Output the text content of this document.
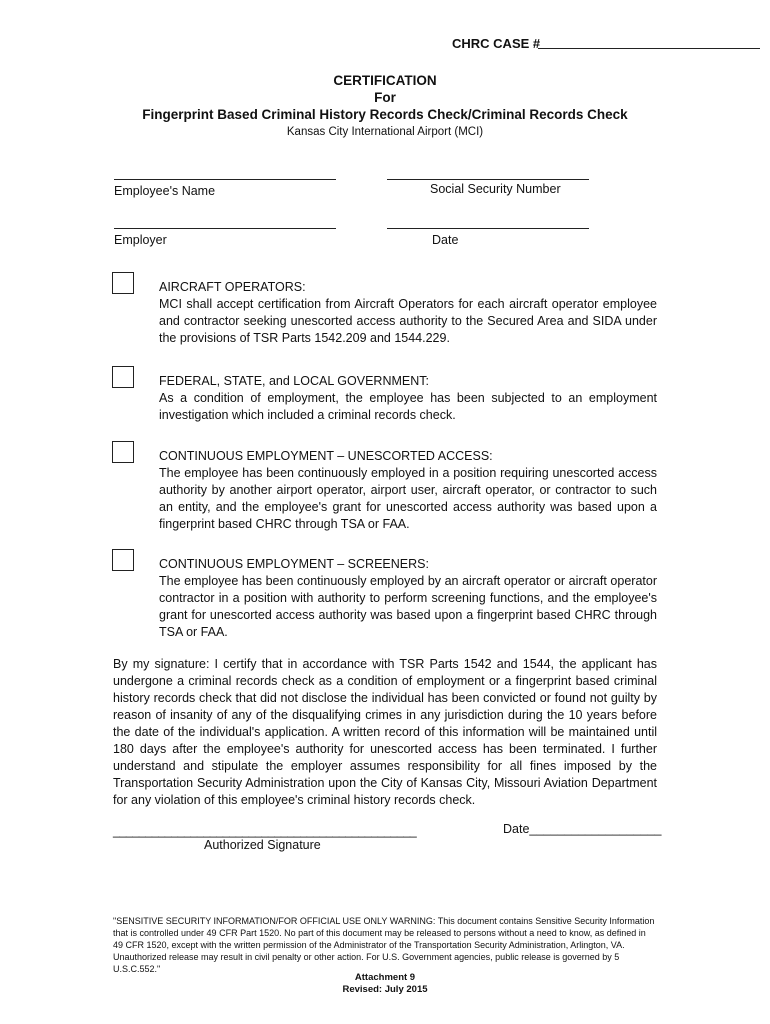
CHRC CASE #
CERTIFICATION
For
Fingerprint Based Criminal History Records Check/Criminal Records Check
Kansas City International Airport (MCI)
Employee's Name	Social Security Number
Employer	Date

AIRCRAFT OPERATORS:

MCI shall accept certification from Aircraft Operators for each aircraft operator employee and contractor seeking unescorted access authority to the Secured Area and SIDA under the provisions of TSR Parts 1542.209 and 1544.229.

FEDERAL, STATE, and LOCAL GOVERNMENT:

As a condition of employment, the employee has been subjected to an employment investigation which included a criminal records check.

CONTINUOUS EMPLOYMENT – UNESCORTED ACCESS:

The employee has been continuously employed in a position requiring unescorted access authority by another airport operator, airport user, aircraft operator, or contractor to such an entity, and the employee's grant for unescorted access authority was based upon a fingerprint based CHRC through TSA or FAA.

CONTINUOUS EMPLOYMENT – SCREENERS:

The employee has been continuously employed by an aircraft operator or aircraft operator contractor in a position with authority to perform screening functions, and the employee's grant for unescorted access authority was based upon a fingerprint based CHRC through TSA or FAA.

By my signature: I certify that in accordance with TSR Parts 1542 and 1544, the applicant has undergone a criminal records check as a condition of employment or a fingerprint based criminal history records check that did not disclose the individual has been convicted or found not guilty by reason of insanity of any of the disqualifying crimes in any jurisdiction during the 10 years before the date of the individual's application. A written record of this information will be maintained until 180 days after the employee's authority for unescorted access has been terminated. I further understand and stipulate the employer assumes responsibility for all fines imposed by the Transportation Security Administration upon the City of Kansas City, Missouri Aviation Department for any violation of this employee's criminal history records check.
_______________________________________________
Authorized Signature
Date___________________
"SENSITIVE SECURITY INFORMATION/FOR OFFICIAL USE ONLY WARNING: This document contains Sensitive Security Information that is controlled under 49 CFR Part 1520. No part of this document may be released to persons without a need to know, as defined in 49 CFR 1520, except with the written permission of the Administrator of the Transportation Security Administration, Arlington, VA. Unauthorized release may result in civil penalty or other action. For U.S. Government agencies, public release is governed by 5 U.S.C.552."
Attachment 9
Revised: July 2015
